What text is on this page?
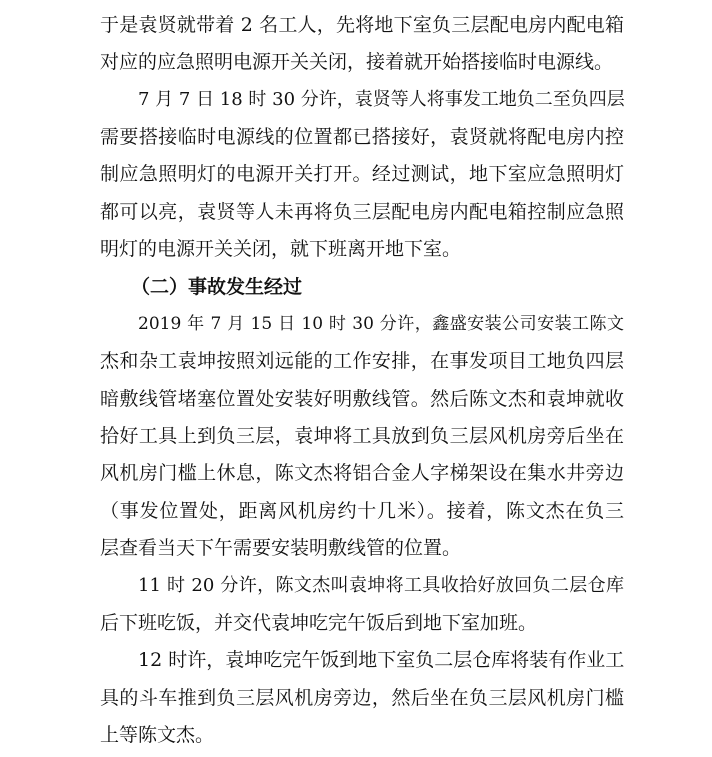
于是袁贤就带着 2 名工人，先将地下室负三层配电房内配电箱
对应的应急照明电源开关关闭，接着就开始搭接临时电源线。
7 月 7 日 18 时 30 分许，袁贤等人将事发工地负二至负四层
需要搭接临时电源线的位置都已搭接好，袁贤就将配电房内控
制应急照明灯的电源开关打开。经过测试，地下室应急照明灯
都可以亮，袁贤等人未再将负三层配电房内配电箱控制应急照
明灯的电源开关关闭，就下班离开地下室。
（二）事故发生经过
2019 年 7 月 15 日 10 时 30 分许，鑫盛安装公司安装工陈文
杰和杂工袁坤按照刘远能的工作安排，在事发项目工地负四层
暗敷线管堵塞位置处安装好明敷线管。然后陈文杰和袁坤就收
拾好工具上到负三层，袁坤将工具放到负三层风机房旁后坐在
风机房门槛上休息，陈文杰将铝合金人字梯架设在集水井旁边
（事发位置处，距离风机房约十几米）。接着，陈文杰在负三
层查看当天下午需要安装明敷线管的位置。
11 时 20 分许，陈文杰叫袁坤将工具收拾好放回负二层仓库
后下班吃饭，并交代袁坤吃完午饭后到地下室加班。
12 时许，袁坤吃完午饭到地下室负二层仓库将装有作业工
具的斗车推到负三层风机房旁边，然后坐在负三层风机房门槛
上等陈文杰。
